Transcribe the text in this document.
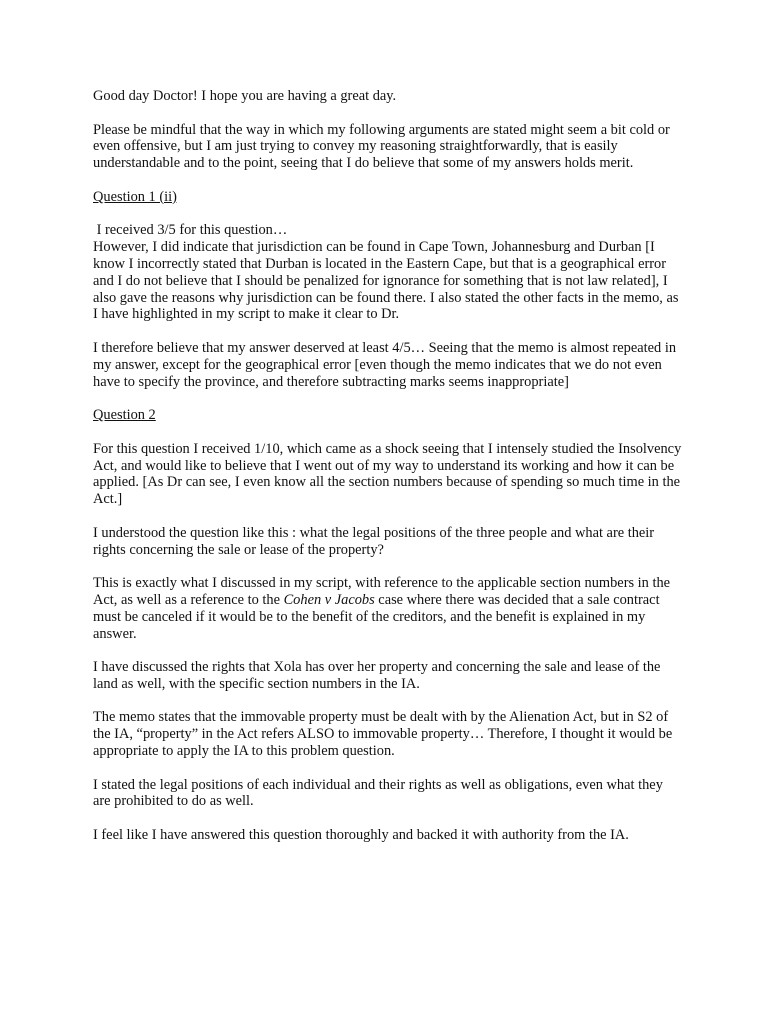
Good day Doctor! I hope you are having a great day.

Please be mindful that the way in which my following arguments are stated might seem a bit cold or even offensive, but I am just trying to convey my reasoning straightforwardly, that is easily understandable and to the point, seeing that I do believe that some of my answers holds merit.

Question 1 (ii)

I received 3/5 for this question…
However, I did indicate that jurisdiction can be found in Cape Town, Johannesburg and Durban [I know I incorrectly stated that Durban is located in the Eastern Cape, but that is a geographical error and I do not believe that I should be penalized for ignorance for something that is not law related], I also gave the reasons why jurisdiction can be found there. I also stated the other facts in the memo, as I have highlighted in my script to make it clear to Dr.

I therefore believe that my answer deserved at least 4/5… Seeing that the memo is almost repeated in my answer, except for the geographical error [even though the memo indicates that we do not even have to specify the province, and therefore subtracting marks seems inappropriate]

Question 2

For this question I received 1/10, which came as a shock seeing that I intensely studied the Insolvency Act, and would like to believe that I went out of my way to understand its working and how it can be applied. [As Dr can see, I even know all the section numbers because of spending so much time in the Act.]

I understood the question like this : what the legal positions of the three people and what are their rights concerning the sale or lease of the property?

This is exactly what I discussed in my script, with reference to the applicable section numbers in the Act, as well as a reference to the Cohen v Jacobs case where there was decided that a sale contract must be canceled if it would be to the benefit of the creditors, and the benefit is explained in my answer.

I have discussed the rights that Xola has over her property and concerning the sale and lease of the land as well, with the specific section numbers in the IA.

The memo states that the immovable property must be dealt with by the Alienation Act, but in S2 of the IA, “property” in the Act refers ALSO to immovable property… Therefore, I thought it would be appropriate to apply the IA to this problem question.

I stated the legal positions of each individual and their rights as well as obligations, even what they are prohibited to do as well.

I feel like I have answered this question thoroughly and backed it with authority from the IA.
